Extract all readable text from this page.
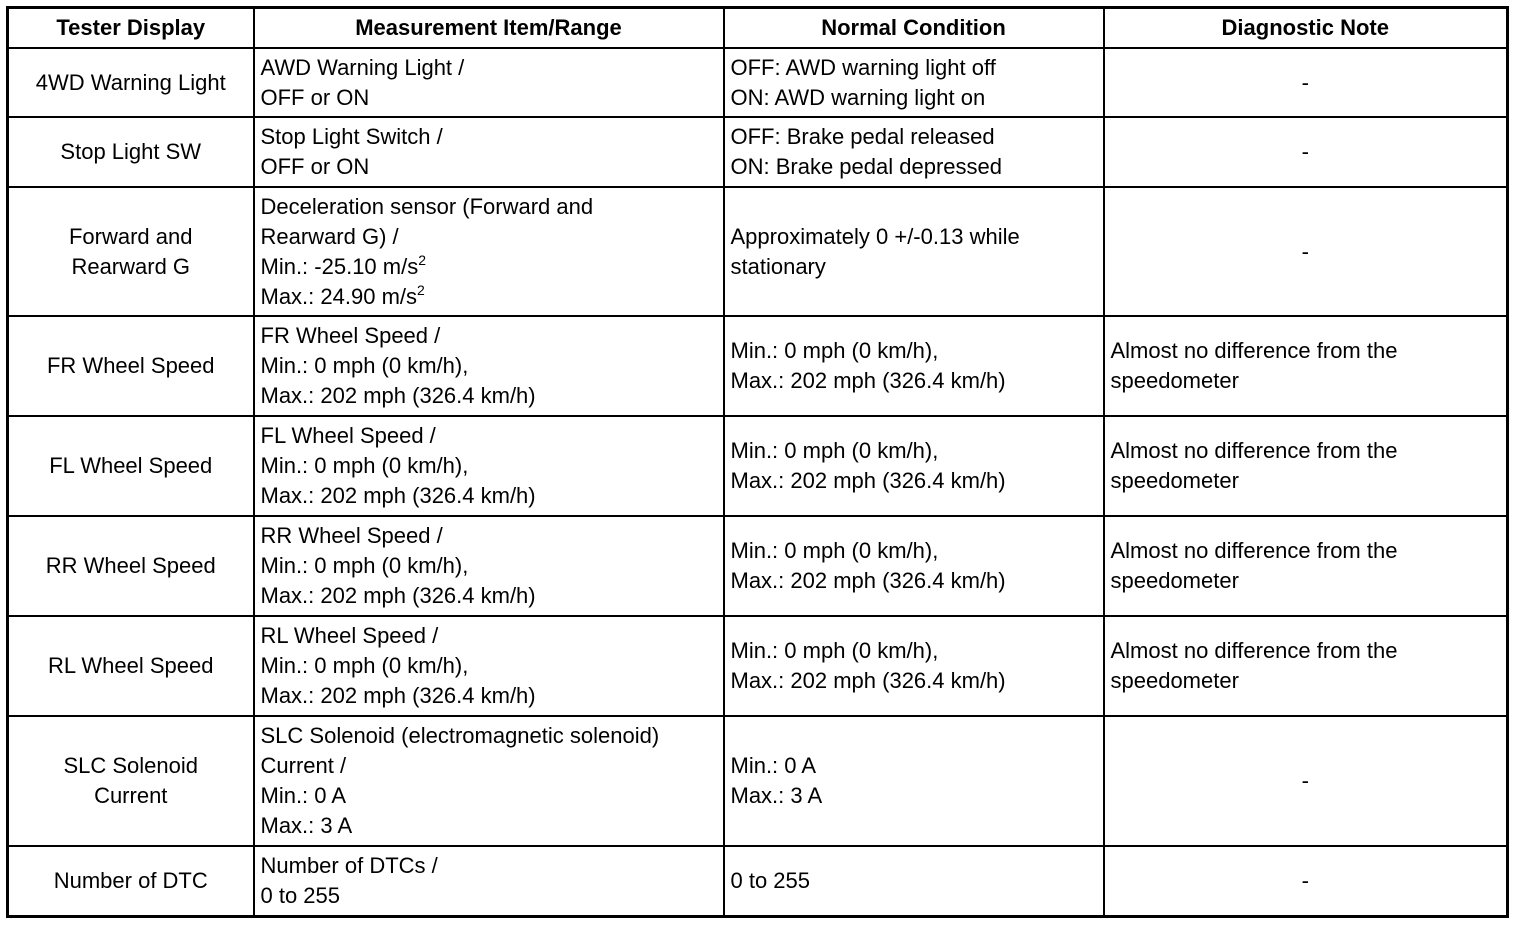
Tester Display	Measurement Item/Range	Normal Condition	Diagnostic Note

4WD Warning Light	AWD Warning Light /
OFF or ON	OFF: AWD warning light off
ON: AWD warning light on	-

Stop Light SW	Stop Light Switch /
OFF or ON	OFF: Brake pedal released
ON: Brake pedal depressed	-

Forward and
Rearward G	Deceleration sensor (Forward and
Rearward G) /
Min.: -25.10 $m/s^2$
Max.: 24.90 $m/s^2$	Approximately 0 +/-0.13 while
stationary	-

FR Wheel Speed	FR Wheel Speed /
Min.: 0 mph (0 km/h),
Max.: 202 mph (326.4 km/h)	Min.: 0 mph (0 km/h),
Max.: 202 mph (326.4 km/h)	Almost no difference from the
speedometer

FL Wheel Speed	FL Wheel Speed /
Min.: 0 mph (0 km/h),
Max.: 202 mph (326.4 km/h)	Min.: 0 mph (0 km/h),
Max.: 202 mph (326.4 km/h)	Almost no difference from the
speedometer

RR Wheel Speed	RR Wheel Speed /
Min.: 0 mph (0 km/h),
Max.: 202 mph (326.4 km/h)	Min.: 0 mph (0 km/h),
Max.: 202 mph (326.4 km/h)	Almost no difference from the
speedometer

RL Wheel Speed	RL Wheel Speed /
Min.: 0 mph (0 km/h),
Max.: 202 mph (326.4 km/h)	Min.: 0 mph (0 km/h),
Max.: 202 mph (326.4 km/h)	Almost no difference from the
speedometer

SLC Solenoid
Current	SLC Solenoid (electromagnetic solenoid)
Current /
Min.: 0 A
Max.: 3 A	Min.: 0 A
Max.: 3 A	-

Number of DTC	Number of DTCs /
0 to 255	0 to 255	-
